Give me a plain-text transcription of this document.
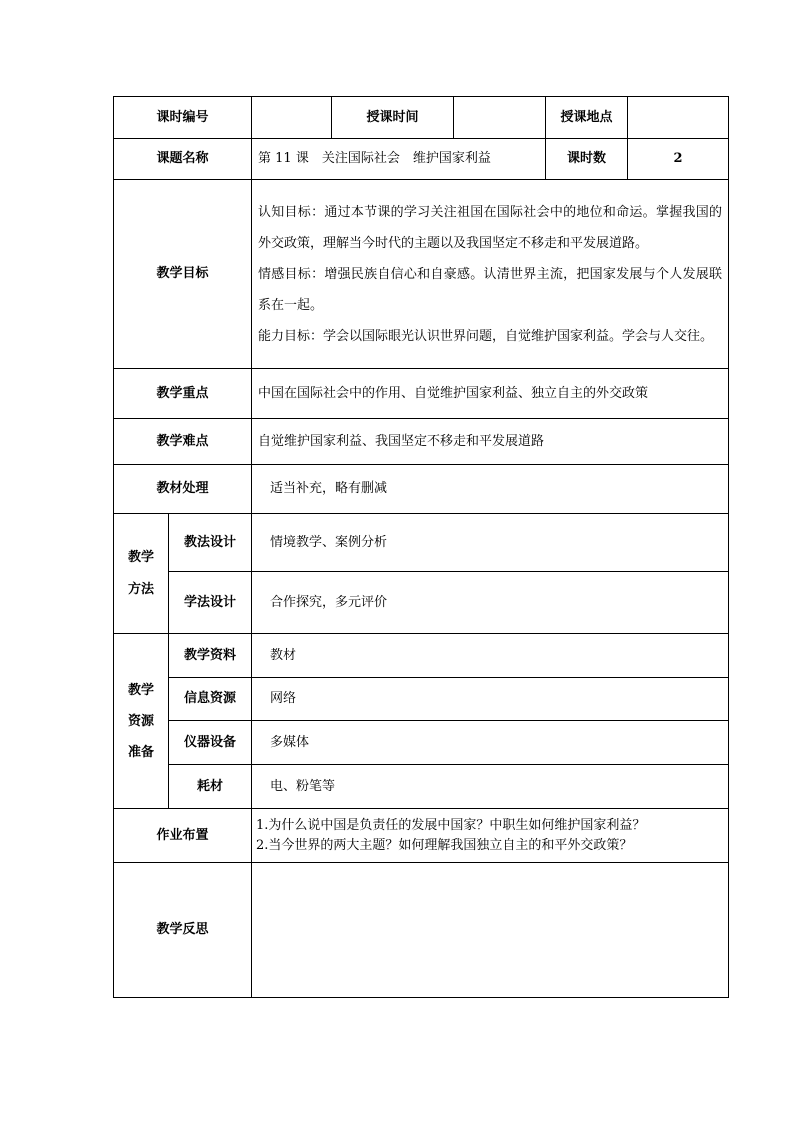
课时编号			授课时间		授课地点	
课题名称		第 11 课　关注国际社会　维护国家利益			课时数	2
教学目标		认知目标：通过本节课的学习关注祖国在国际社会中的地位和命运。掌握我国的外交政策，理解当今时代的主题以及我国坚定不移走和平发展道路。

情感目标：增强民族自信心和自豪感。认清世界主流，把国家发展与个人发展联系在一起。

能力目标：学会以国际眼光认识世界问题，自觉维护国家利益。学会与人交往。				

教学重点		中国在国际社会中的作用、自觉维护国家利益、独立自主的外交政策				
教学难点		自觉维护国家利益、我国坚定不移走和平发展道路				
教材处理		适当补充，略有删减				

教学
方法	教法设计	情境教学、案例分析				
	学法设计	合作探究，多元评价				

教学
资源
准备	教学资料	教材				
	信息资源	网络				
	仪器设备	多媒体				
	耗材	电、粉笔等				
作业布置		1.为什么说中国是负责任的发展中国家？中职生如何维护国家利益？

2.当今世界的两大主题？如何理解我国独立自主的和平外交政策？				

教学反思						
